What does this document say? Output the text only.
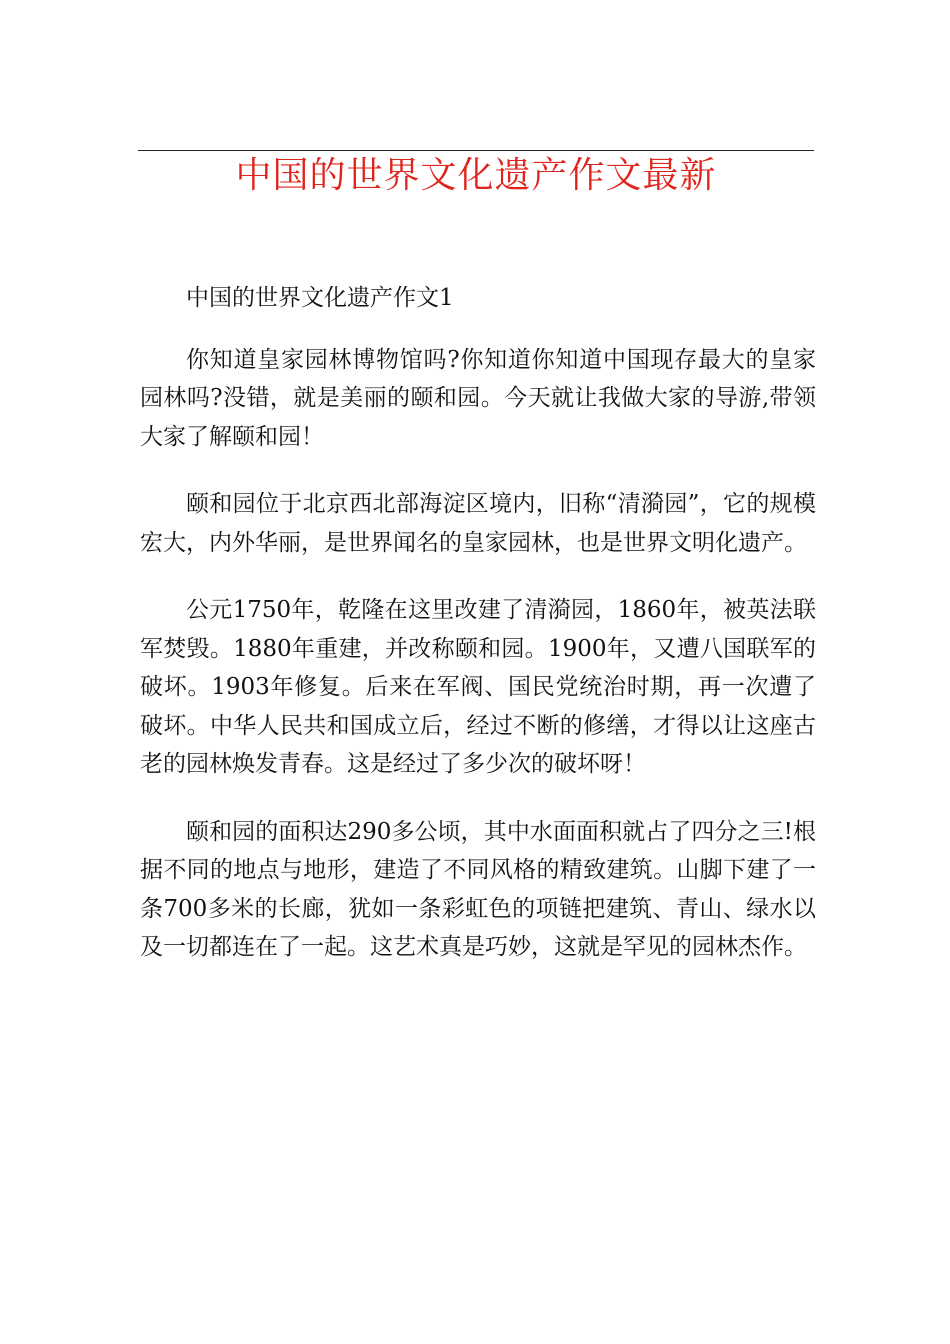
中国的世界文化遗产作文最新

中国的世界文化遗产作文1

你知道皇家园林博物馆吗?你知道你知道中国现存最大的皇家园林吗?没错，就是美丽的颐和园。今天就让我做大家的导游,带领大家了解颐和园！

颐和园位于北京西北部海淀区境内，旧称“清漪园”，它的规模宏大，内外华丽，是世界闻名的皇家园林，也是世界文明化遗产。

公元1750年，乾隆在这里改建了清漪园，1860年，被英法联军焚毁。1880年重建，并改称颐和园。1900年，又遭八国联军的破坏。1903年修复。后来在军阀、国民党统治时期，再一次遭了破坏。中华人民共和国成立后，经过不断的修缮，才得以让这座古老的园林焕发青春。这是经过了多少次的破坏呀！

颐和园的面积达290多公顷，其中水面面积就占了四分之三!根据不同的地点与地形，建造了不同风格的精致建筑。山脚下建了一条700多米的长廊，犹如一条彩虹色的项链把建筑、青山、绿水以及一切都连在了一起。这艺术真是巧妙，这就是罕见的园林杰作。
